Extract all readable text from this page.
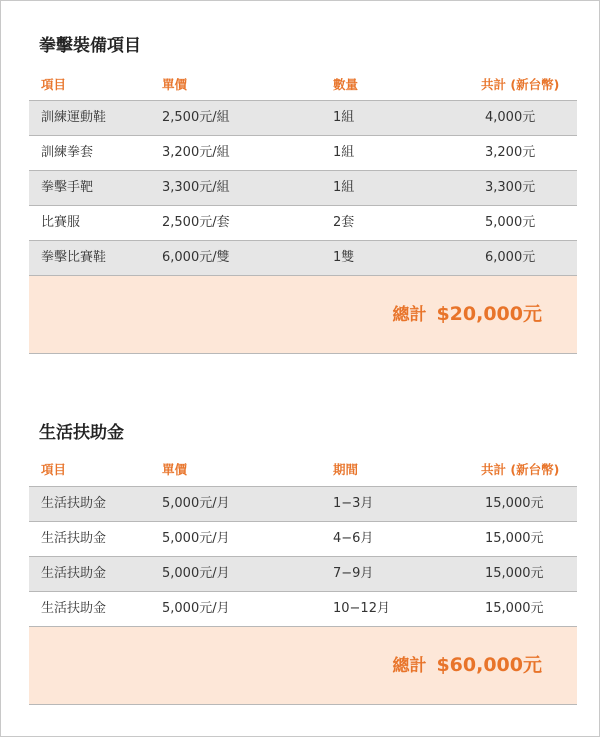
拳擊裝備項目
項目	單價	數量	共計 (新台幣)
訓練運動鞋	2,500元/組	1組	4,000元
訓練拳套	3,200元/組	1組	3,200元
拳擊手靶	3,300元/組	1組	3,300元
比賽服	2,500元/套	2套	5,000元
拳擊比賽鞋	6,000元/雙	1雙	6,000元
總計 $20,000元
生活扶助金
項目	單價	期間	共計 (新台幣)
生活扶助金	5,000元/月	1−3月	15,000元
生活扶助金	5,000元/月	4−6月	15,000元
生活扶助金	5,000元/月	7−9月	15,000元
生活扶助金	5,000元/月	10−12月	15,000元
總計 $60,000元
